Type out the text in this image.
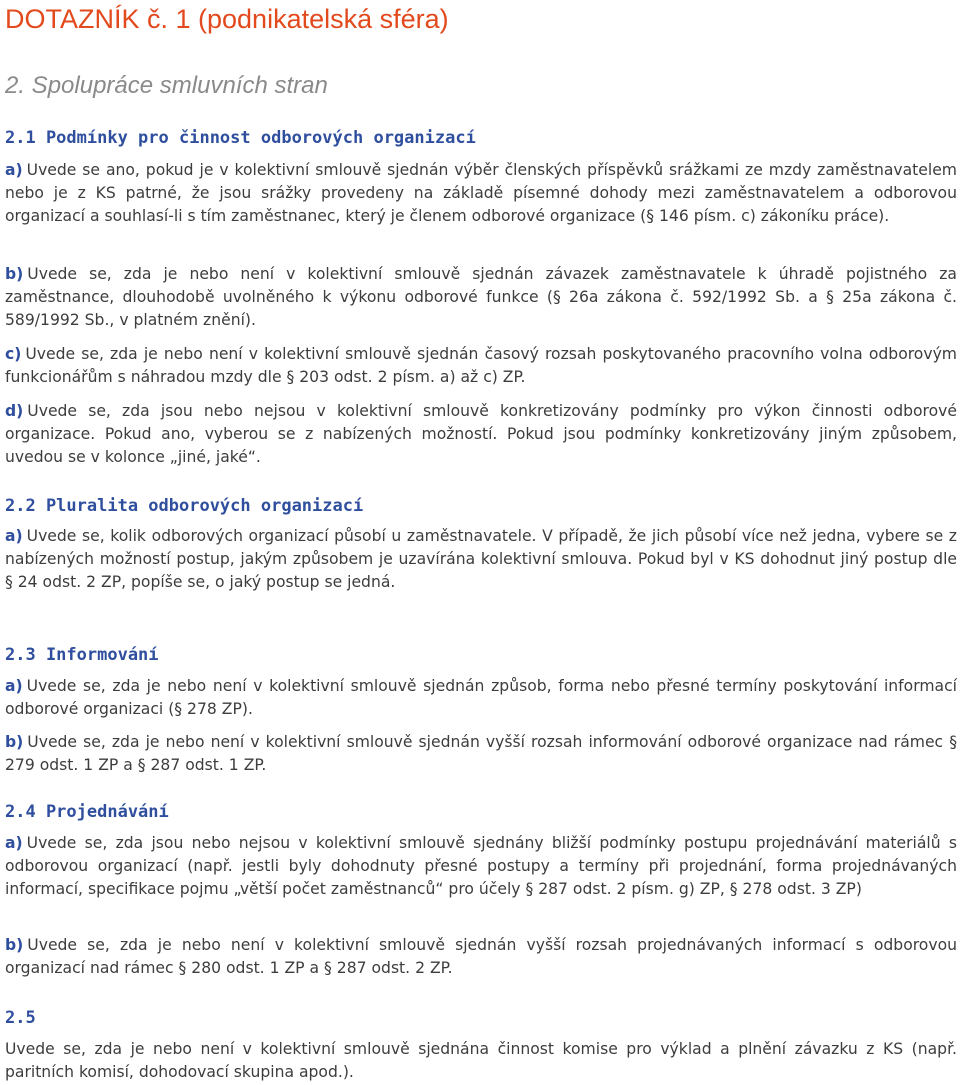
DOTAZNÍK č. 1 (podnikatelská sféra)
2. Spolupráce smluvních stran
2.1 Podmínky pro činnost odborových organizací

a) Uvede se ano, pokud je v kolektivní smlouvě sjednán výběr členských příspěvků srážkami ze mzdy zaměstnavatelem nebo je z KS patrné, že jsou srážky provedeny na základě písemné dohody mezi zaměstnavatelem a odborovou organizací a souhlasí-li s tím zaměstnanec, který je členem odborové organizace (§ 146 písm. c) zákoníku práce).

b) Uvede se, zda je nebo není v kolektivní smlouvě sjednán závazek zaměstnavatele k úhradě pojistného za zaměstnance, dlouhodobě uvolněného k výkonu odborové funkce (§ 26a zákona č. 592/1992 Sb. a § 25a zákona č. 589/1992 Sb., v platném znění).

c) Uvede se, zda je nebo není v kolektivní smlouvě sjednán časový rozsah poskytovaného pracovního volna odborovým funkcionářům s náhradou mzdy dle § 203 odst. 2 písm. a) až c) ZP.

d) Uvede se, zda jsou nebo nejsou v kolektivní smlouvě konkretizovány podmínky pro výkon činnosti odborové organizace. Pokud ano, vyberou se z nabízených možností. Pokud jsou podmínky konkretizovány jiným způsobem, uvedou se v kolonce „jiné, jaké“.

2.2 Pluralita odborových organizací

a) Uvede se, kolik odborových organizací působí u zaměstnavatele. V případě, že jich působí více než jedna, vybere se z nabízených možností postup, jakým způsobem je uzavírána kolektivní smlouva. Pokud byl v KS dohodnut jiný postup dle § 24 odst. 2 ZP, popíše se, o jaký postup se jedná.

2.3 Informování

a) Uvede se, zda je nebo není v kolektivní smlouvě sjednán způsob, forma nebo přesné termíny poskytování informací odborové organizaci (§ 278 ZP).

b) Uvede se, zda je nebo není v kolektivní smlouvě sjednán vyšší rozsah informování odborové organizace nad rámec § 279 odst. 1 ZP a § 287 odst. 1 ZP.

2.4 Projednávání

a) Uvede se, zda jsou nebo nejsou v kolektivní smlouvě sjednány bližší podmínky postupu projednávání materiálů s odborovou organizací (např. jestli byly dohodnuty přesné postupy a termíny při projednání, forma projednávaných informací, specifikace pojmu „větší počet zaměstnanců“ pro účely § 287 odst. 2 písm. g) ZP, § 278 odst. 3 ZP)

b) Uvede se, zda je nebo není v kolektivní smlouvě sjednán vyšší rozsah projednávaných informací s odborovou organizací nad rámec § 280 odst. 1 ZP a § 287 odst. 2 ZP.

2.5

Uvede se, zda je nebo není v kolektivní smlouvě sjednána činnost komise pro výklad a plnění závazku z KS (např. paritních komisí, dohodovací skupina apod.).
